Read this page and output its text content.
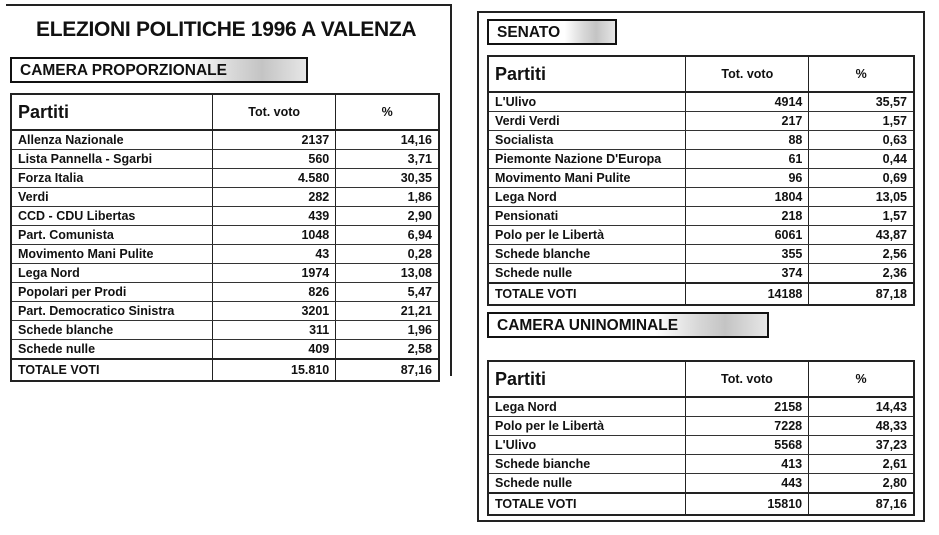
ELEZIONI POLITICHE 1996 A VALENZA
CAMERA PROPORZIONALE
Partiti	Tot. voto	%
Allenza Nazionale	2137	14,16
Lista Pannella - Sgarbi	560	3,71
Forza Italia	4.580	30,35
Verdi	282	1,86
CCD - CDU Libertas	439	2,90
Part. Comunista	1048	6,94
Movimento Mani Pulite	43	0,28
Lega Nord	1974	13,08
Popolari per Prodi	826	5,47
Part. Democratico Sinistra	3201	21,21
Schede blanche	311	1,96
Schede nulle	409	2,58
TOTALE VOTI	15.810	87,16
SENATO
Partiti	Tot. voto	%
L'Ulivo	4914	35,57
Verdi Verdi	217	1,57
Socialista	88	0,63
Piemonte Nazione D'Europa	61	0,44
Movimento Mani Pulite	96	0,69
Lega Nord	1804	13,05
Pensionati	218	1,57
Polo per le Libertà	6061	43,87
Schede blanche	355	2,56
Schede nulle	374	2,36
TOTALE VOTI	14188	87,18
CAMERA UNINOMINALE
Partiti	Tot. voto	%
Lega Nord	2158	14,43
Polo per le Libertà	7228	48,33
L'Ulivo	5568	37,23
Schede bianche	413	2,61
Schede nulle	443	2,80
TOTALE VOTI	15810	87,16
